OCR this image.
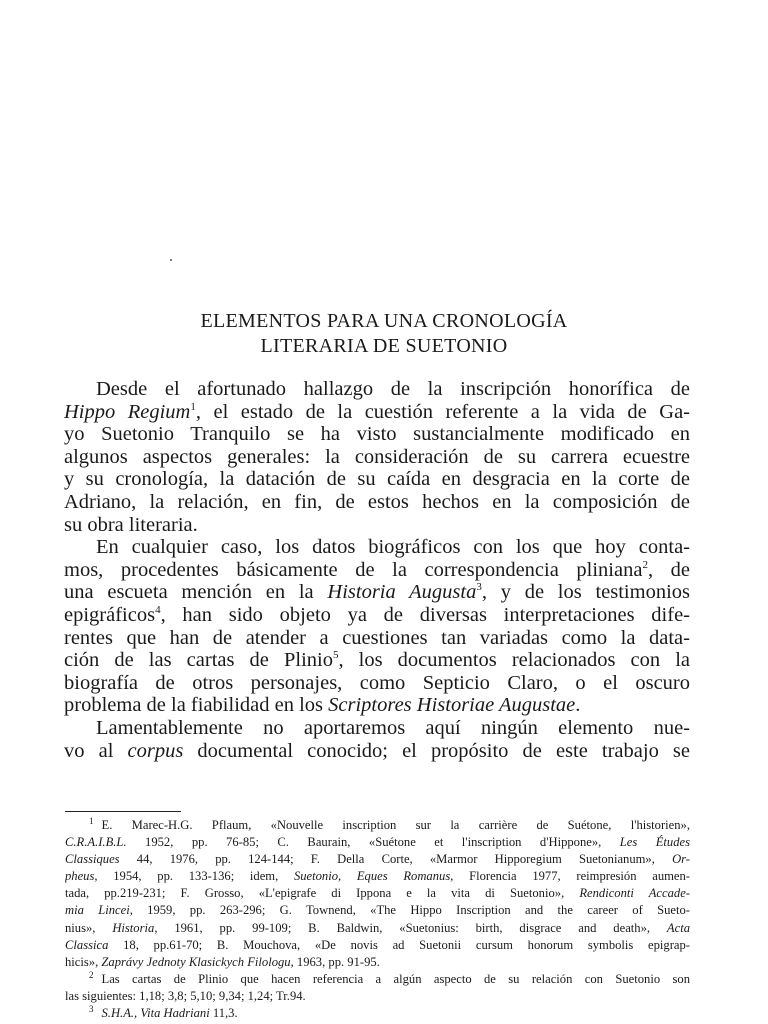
ELEMENTOS PARA UNA CRONOLOGÍA
LITERARIA DE SUETONIO
Desde el afortunado hallazgo de la inscripción honorífica de
Hippo Regium$^1$, el estado de la cuestión referente a la vida de Ga-
yo Suetonio Tranquilo se ha visto sustancialmente modificado en
algunos aspectos generales: la consideración de su carrera ecuestre
y su cronología, la datación de su caída en desgracia en la corte de
Adriano, la relación, en fin, de estos hechos en la composición de
su obra literaria.
En cualquier caso, los datos biográficos con los que hoy conta-
mos, procedentes básicamente de la correspondencia pliniana$^2$, de
una escueta mención en la Historia Augusta$^3$, y de los testimonios
epigráficos$^4$, han sido objeto ya de diversas interpretaciones dife-
rentes que han de atender a cuestiones tan variadas como la data-
ción de las cartas de Plinio$^5$, los documentos relacionados con la
biografía de otros personajes, como Septicio Claro, o el oscuro
problema de la fiabilidad en los Scriptores Historiae Augustae.
Lamentablemente no aportaremos aquí ningún elemento nue-
vo al corpus documental conocido; el propósito de este trabajo se
$^1$ E. Marec-H.G. Pflaum, «Nouvelle inscription sur la carrière de Suétone, l'historien»,
C.R.A.I.B.L. 1952, pp. 76-85; C. Baurain, «Suétone et l'inscription d'Hippone», Les Études
Classiques 44, 1976, pp. 124-144; F. Della Corte, «Marmor Hipporegium Suetonianum», Or-
pheus, 1954, pp. 133-136; idem, Suetonio, Eques Romanus, Florencia 1977, reimpresión aumen-
tada, pp.219-231; F. Grosso, «L'epigrafe di Ippona e la vita di Suetonio», Rendiconti Accade-
mia Lincei, 1959, pp. 263-296; G. Townend, «The Hippo Inscription and the career of Sueto-
nius», Historia, 1961, pp. 99-109; B. Baldwin, «Suetonius: birth, disgrace and death», Acta
Classica 18, pp.61-70; B. Mouchova, «De novis ad Suetonii cursum honorum symbolis epigrap-
hicis», Zaprávy Jednoty Klasickych Filologu, 1963, pp. 91-95.
$^2$ Las cartas de Plinio que hacen referencia a algún aspecto de su relación con Suetonio son
las siguientes: 1,18; 3,8; 5,10; 9,34; 1,24; Tr.94.
$^3$ S.H.A., Vita Hadriani 11,3.
